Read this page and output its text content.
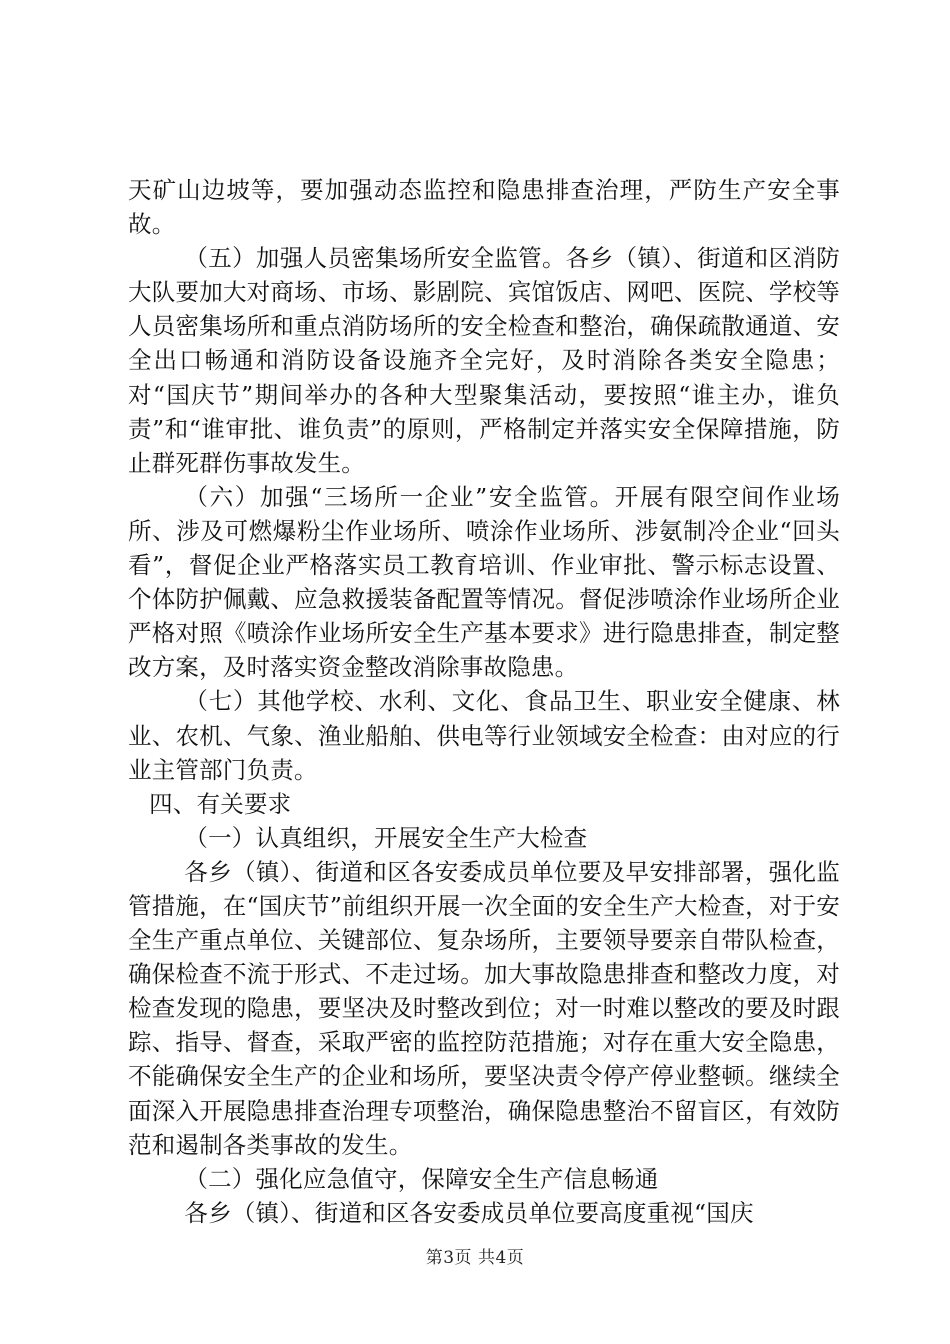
天矿山边坡等，要加强动态监控和隐患排查治理，严防生产安全事故。

（五）加强人员密集场所安全监管。各乡（镇）、街道和区消防大队要加大对商场、市场、影剧院、宾馆饭店、网吧、医院、学校等人员密集场所和重点消防场所的安全检查和整治，确保疏散通道、安全出口畅通和消防设备设施齐全完好，及时消除各类安全隐患；对“国庆节”期间举办的各种大型聚集活动，要按照“谁主办，谁负责”和“谁审批、谁负责”的原则，严格制定并落实安全保障措施，防止群死群伤事故发生。

（六）加强“三场所一企业”安全监管。开展有限空间作业场所、涉及可燃爆粉尘作业场所、喷涂作业场所、涉氨制冷企业“回头看”，督促企业严格落实员工教育培训、作业审批、警示标志设置、个体防护佩戴、应急救援装备配置等情况。督促涉喷涂作业场所企业严格对照《喷涂作业场所安全生产基本要求》进行隐患排查，制定整改方案，及时落实资金整改消除事故隐患。

（七）其他学校、水利、文化、食品卫生、职业安全健康、林业、农机、气象、渔业船舶、供电等行业领域安全检查：由对应的行业主管部门负责。

四、有关要求

（一）认真组织，开展安全生产大检查

各乡（镇）、街道和区各安委成员单位要及早安排部署，强化监管措施，在“国庆节”前组织开展一次全面的安全生产大检查，对于安全生产重点单位、关键部位、复杂场所，主要领导要亲自带队检查，确保检查不流于形式、不走过场。加大事故隐患排查和整改力度，对检查发现的隐患，要坚决及时整改到位；对一时难以整改的要及时跟踪、指导、督查，采取严密的监控防范措施；对存在重大安全隐患，不能确保安全生产的企业和场所，要坚决责令停产停业整顿。继续全面深入开展隐患排查治理专项整治，确保隐患整治不留盲区，有效防范和遏制各类事故的发生。

（二）强化应急值守，保障安全生产信息畅通

各乡（镇）、街道和区各安委成员单位要高度重视“国庆

第3页 共4页
